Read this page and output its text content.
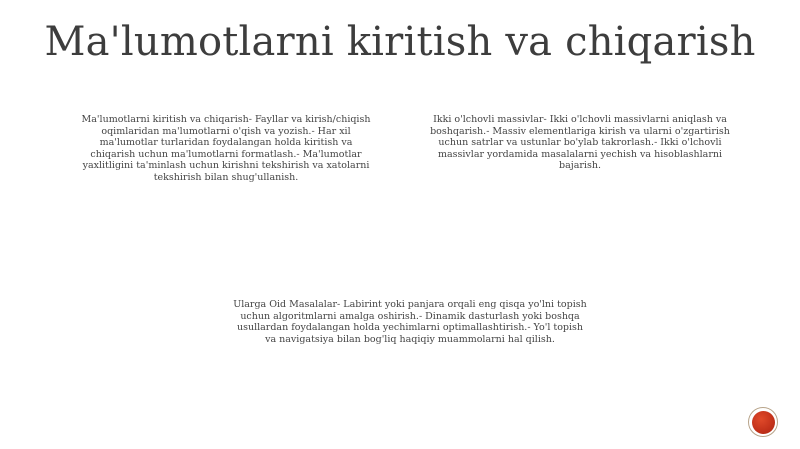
Ma'lumotlarni kiritish va chiqarish
Ma'lumotlarni kiritish va chiqarish- Fayllar va kirish/chiqish oqimlaridan ma'lumotlarni o'qish va yozish.- Har xil ma'lumotlar turlaridan foydalangan holda kiritish va chiqarish uchun ma'lumotlarni formatlash.- Ma'lumotlar yaxlitligini ta'minlash uchun kirishni tekshirish va xatolarni tekshirish bilan shug'ullanish.
Ikki o'lchovli massivlar- Ikki o'lchovli massivlarni aniqlash va boshqarish.- Massiv elementlariga kirish va ularni o'zgartirish uchun satrlar va ustunlar bo'ylab takrorlash.- Ikki o'lchovli massivlar yordamida masalalarni yechish va hisoblashlarni bajarish.
Ularga Oid Masalalar- Labirint yoki panjara orqali eng qisqa yo'lni topish uchun algoritmlarni amalga oshirish.- Dinamik dasturlash yoki boshqa usullardan foydalangan holda yechimlarni optimallashtirish.- Yo'l topish va navigatsiya bilan bog'liq haqiqiy muammolarni hal qilish.
